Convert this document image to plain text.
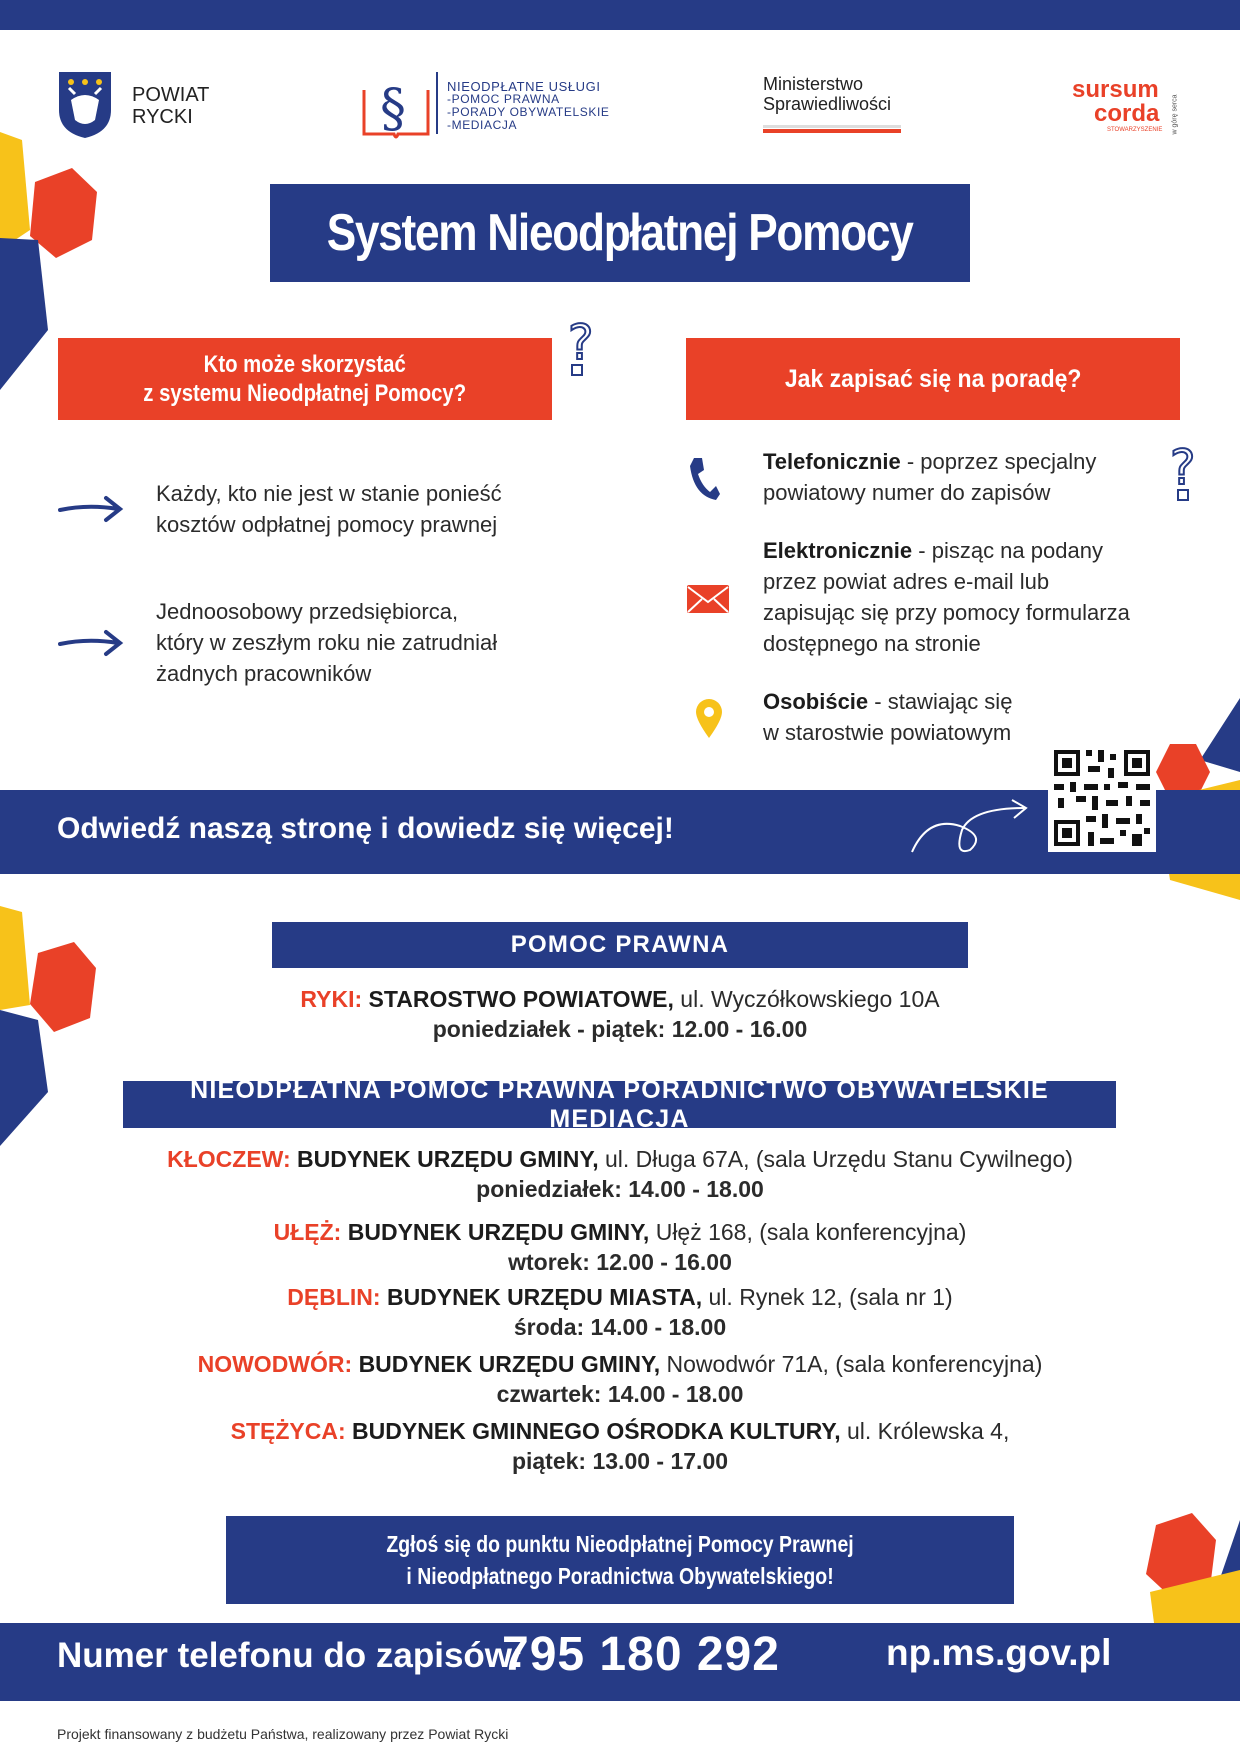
POWIAT
RYCKI	§	NIEODPŁATNE USŁUGI
-POMOC PRAWNA
-PORADY OBYWATELSKIE
-MEDIACJA
Ministerstwo
Sprawiedliwości
sursum
corda
STOWARZYSZENIE w górę serca
System Nieodpłatnej Pomocy
Kto może skorzystać
z systemu Nieodpłatnej Pomocy?
?
Jak zapisać się na poradę?
Każdy, kto nie jest w stanie ponieść
kosztów odpłatnej pomocy prawnej
Jednoosobowy przedsiębiorca,
który w zeszłym roku nie zatrudniał
żadnych pracowników
Telefonicznie - poprzez specjalny
powiatowy numer do zapisów	?
Elektronicznie - pisząc na podany
przez powiat adres e-mail lub
zapisując się przy pomocy formularza
dostępnego na stronie
Osobiście - stawiając się
w starostwie powiatowym
Odwiedź naszą stronę i dowiedz się więcej!
POMOC PRAWNA
RYKI: STAROSTWO POWIATOWE, ul. Wyczółkowskiego 10A
poniedziałek - piątek: 12.00 - 16.00
NIEODPŁATNA POMOC PRAWNA PORADNICTWO OBYWATELSKIE MEDIACJA
KŁOCZEW: BUDYNEK URZĘDU GMINY, ul. Długa 67A, (sala Urzędu Stanu Cywilnego)
poniedziałek: 14.00 - 18.00
UŁĘŻ: BUDYNEK URZĘDU GMINY, Ułęż 168, (sala konferencyjna)
wtorek: 12.00 - 16.00
DĘBLIN: BUDYNEK URZĘDU MIASTA, ul. Rynek 12, (sala nr 1)
środa: 14.00 - 18.00
NOWODWÓR: BUDYNEK URZĘDU GMINY, Nowodwór 71A, (sala konferencyjna)
czwartek: 14.00 - 18.00
STĘŻYCA: BUDYNEK GMINNEGO OŚRODKA KULTURY, ul. Królewska 4,
piątek: 13.00 - 17.00
Zgłoś się do punktu Nieodpłatnej Pomocy Prawnej
i Nieodpłatnego Poradnictwa Obywatelskiego!
Numer telefonu do zapisów:
795 180 292	np.ms.gov.pl
Projekt finansowany z budżetu Państwa, realizowany przez Powiat Rycki
